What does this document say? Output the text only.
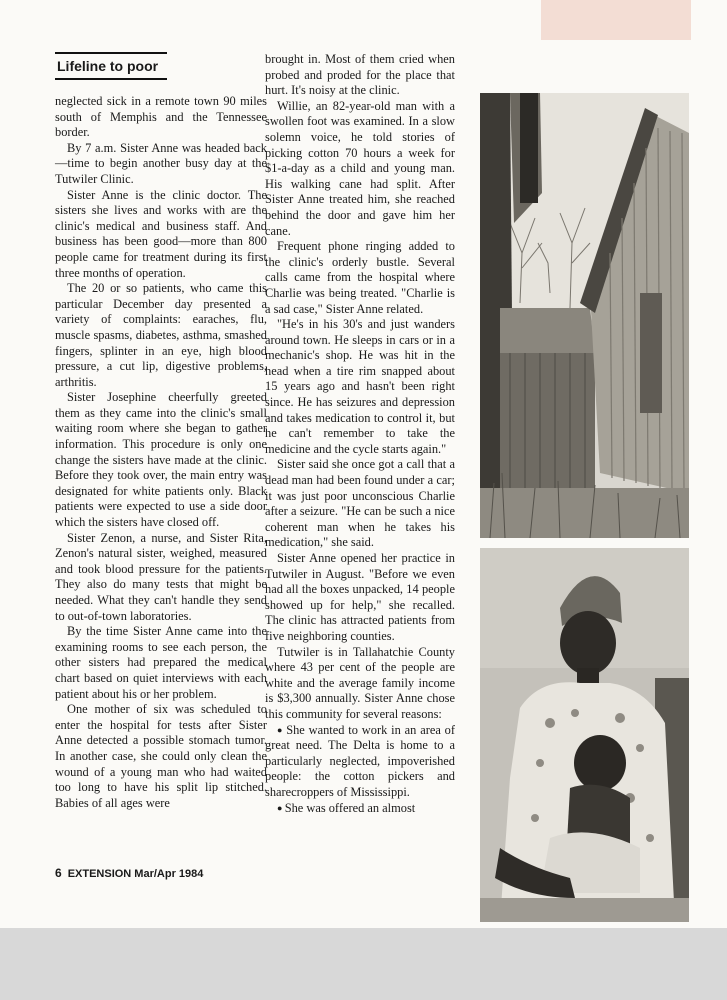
Lifeline to poor

neglected sick in a remote town 90 miles south of Memphis and the Tennessee border.

By 7 a.m. Sister Anne was headed back—time to begin another busy day at the Tutwiler Clinic.

Sister Anne is the clinic doctor. The sisters she lives and works with are the clinic's medical and business staff. And business has been good—more than 800 people came for treatment during its first three months of operation.

The 20 or so patients, who came this particular December day presented a variety of complaints: earaches, flu, muscle spasms, diabetes, asthma, smashed fingers, splinter in an eye, high blood pressure, a cut lip, digestive problems, arthritis.

Sister Josephine cheerfully greeted them as they came into the clinic's small waiting room where she began to gather information. This procedure is only one change the sisters have made at the clinic. Before they took over, the main entry was designated for white patients only. Black patients were expected to use a side door which the sisters have closed off.

Sister Zenon, a nurse, and Sister Rita, Zenon's natural sister, weighed, measured and took blood pressure for the patients. They also do many tests that might be needed. What they can't handle they send to out-of-town laboratories.

By the time Sister Anne came into the examining rooms to see each person, the other sisters had prepared the medical chart based on quiet interviews with each patient about his or her problem.

One mother of six was scheduled to enter the hospital for tests after Sister Anne detected a possible stomach tumor. In another case, she could only clean the wound of a young man who had waited too long to have his split lip stitched. Babies of all ages were

brought in. Most of them cried when probed and proded for the place that hurt. It's noisy at the clinic.

Willie, an 82-year-old man with a swollen foot was examined. In a slow solemn voice, he told stories of picking cotton 70 hours a week for $1-a-day as a child and young man. His walking cane had split. After Sister Anne treated him, she reached behind the door and gave him her cane.

Frequent phone ringing added to the clinic's orderly bustle. Several calls came from the hospital where Charlie was being treated. "Charlie is a sad case," Sister Anne related.

"He's in his 30's and just wanders around town. He sleeps in cars or in a mechanic's shop. He was hit in the head when a tire rim snapped about 15 years ago and hasn't been right since. He has seizures and depression and takes medication to control it, but he can't remember to take the medicine and the cycle starts again."

Sister said she once got a call that a dead man had been found under a car; it was just poor unconscious Charlie after a seizure. "He can be such a nice coherent man when he takes his medication," she said.

Sister Anne opened her practice in Tutwiler in August. "Before we even had all the boxes unpacked, 14 people showed up for help," she recalled. The clinic has attracted patients from five neighboring counties.

Tutwiler is in Tallahatchie County where 43 per cent of the people are white and the average family income is $3,300 annually. Sister Anne chose this community for several reasons:

● She wanted to work in an area of great need. The Delta is home to a particularly neglected, impoverished people: the cotton pickers and sharecroppers of Mississippi.

● She was offered an almost

6 EXTENSION Mar/Apr 1984
